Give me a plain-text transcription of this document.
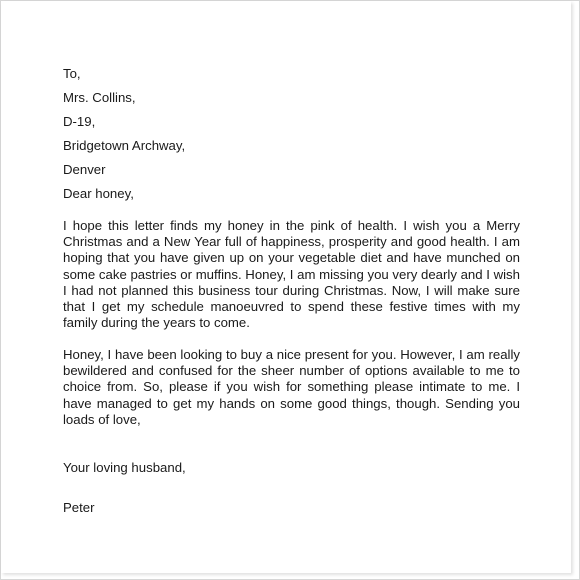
To,

Mrs. Collins,

D-19,

Bridgetown Archway,

Denver

Dear honey,

I hope this letter finds my honey in the pink of health. I wish you a Merry Christmas and a New Year full of happiness, prosperity and good health. I am hoping that you have given up on your vegetable diet and have munched on some cake pastries or muffins. Honey, I am missing you very dearly and I wish I had not planned this business tour during Christmas. Now, I will make sure that I get my schedule manoeuvred to spend these festive times with my family during the years to come.

Honey, I have been looking to buy a nice present for you. However, I am really bewildered and confused for the sheer number of options available to me to choice from. So, please if you wish for something please intimate to me. I have managed to get my hands on some good things, though. Sending you loads of love,

Your loving husband,

Peter
